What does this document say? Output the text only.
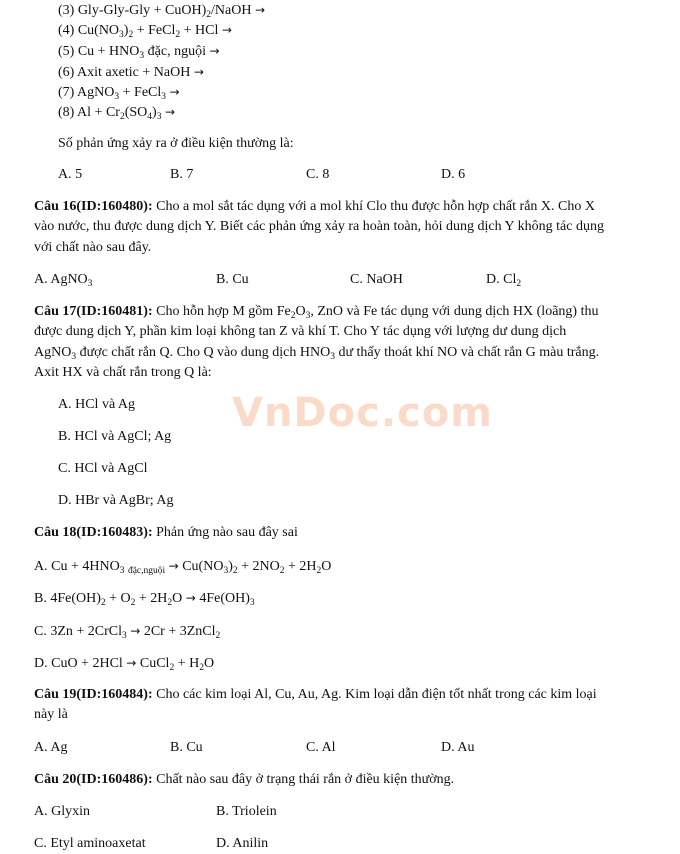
VnDoc.com
(3) $Gly-Gly-Gly + CuOH)_2$/NaOH →
(4) $Cu(NO_3)_2$ + FeCl$_2$ + HCl →
(5) $Cu + HNO_3$ đặc, nguội →
(6) Axit axetic + NaOH →
(7) AgNO$_3$ + FeCl$_3$ →
(8) $Al + Cr_2(SO_4)_3$ →
Số phản ứng xảy ra ở điều kiện thường là:
A. 5	B. 7	C. 8	D. 6
Câu 16(ID:160480): Cho a mol sắt tác dụng với a mol khí Clo thu được hỗn hợp chất rắn X. Cho X
vào nước, thu được dung dịch Y. Biết các phản ứng xảy ra hoàn toàn, hỏi dung dịch Y không tác dụng
với chất nào sau đây.
A. AgNO$_3$	B. Cu	C. NaOH	D. $Cl_2$
Câu 17(ID:160481): Cho hỗn hợp M gồm $Fe_2O_3$, ZnO và Fe tác dụng với dung dịch HX (loãng) thu
được dung dịch Y, phần kim loại không tan Z và khí T. Cho Y tác dụng với lượng dư dung dịch
AgNO$_3$ được chất rắn Q. Cho Q vào dung dịch $HNO_3$ dư thấy thoát khí NO và chất rắn G màu trắng.
Axit HX và chất rắn trong Q là:
A. HCl và Ag
B. HCl và AgCl; Ag
C. HCl và AgCl
D. HBr và AgBr; Ag
Câu 18(ID:160483): Phản ứng nào sau đây sai
A. $Cu + 4HNO_3$ $_{đặc,nguội} \to Cu(NO_3)_2 + 2NO_2 + 2H_2O$
B. $4Fe(OH)_2 + O_2 + 2H_2O \to 4Fe(OH)_3$
C. 3Zn + 2CrCl$_3$ → 2Cr + 3ZnCl$_2$
D. CuO + 2HCl → CuCl$_2$ + $H_2O$
Câu 19(ID:160484): Cho các kim loại Al, Cu, Au, Ag. Kim loại dẫn điện tốt nhất trong các kim loại
này là
A. Ag	B. Cu	C. Al	D. Au
Câu 20(ID:160486): Chất nào sau đây ở trạng thái rắn ở điều kiện thường.
A. Glyxin	B. Triolein
C. Etyl aminoaxetat	D. Anilin
